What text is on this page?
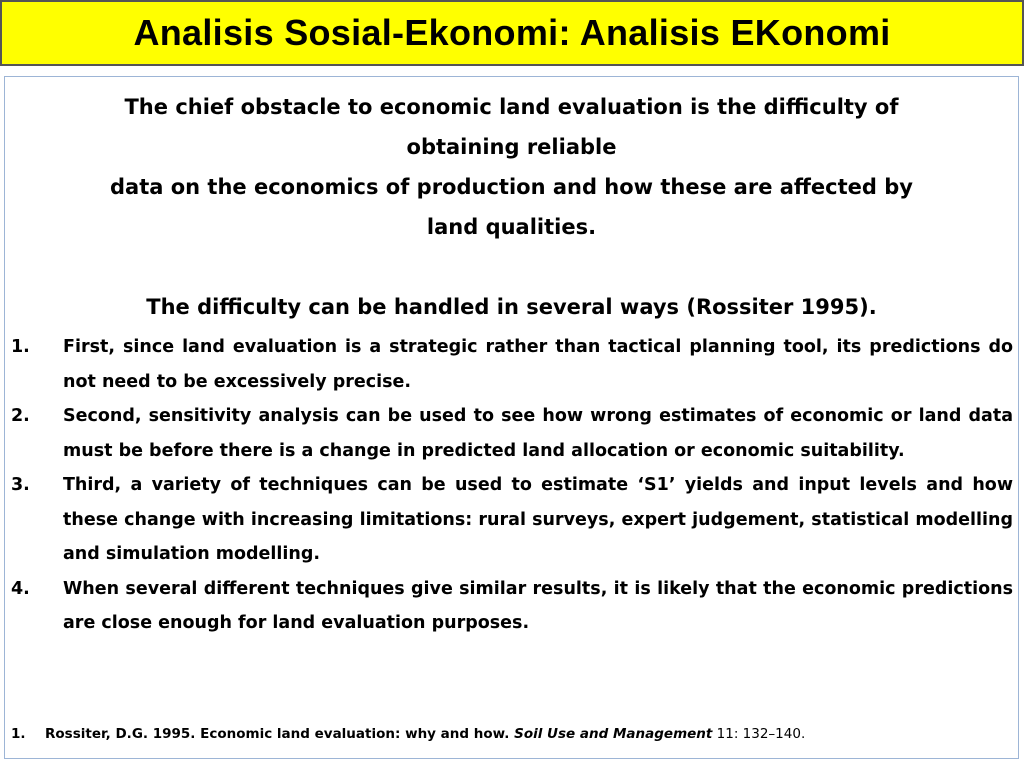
Analisis Sosial-Ekonomi: Analisis EKonomi
The chief obstacle to economic land evaluation is the difficulty of
obtaining reliable
data on the economics of production and how these are affected by
land qualities.
The difficulty can be handled in several ways (Rossiter 1995).
1. First, since land evaluation is a strategic rather than tactical planning tool, its predictions do not need to be excessively precise.
2. Second, sensitivity analysis can be used to see how wrong estimates of economic or land data must be before there is a change in predicted land allocation or economic suitability.
3. Third, a variety of techniques can be used to estimate ‘S1’ yields and input levels and how these change with increasing limitations: rural surveys, expert judgement, statistical modelling and simulation modelling.
4. When several different techniques give similar results, it is likely that the economic predictions are close enough for land evaluation purposes.
1. Rossiter, D.G. 1995. Economic land evaluation: why and how. Soil Use and Management 11: 132–140.
